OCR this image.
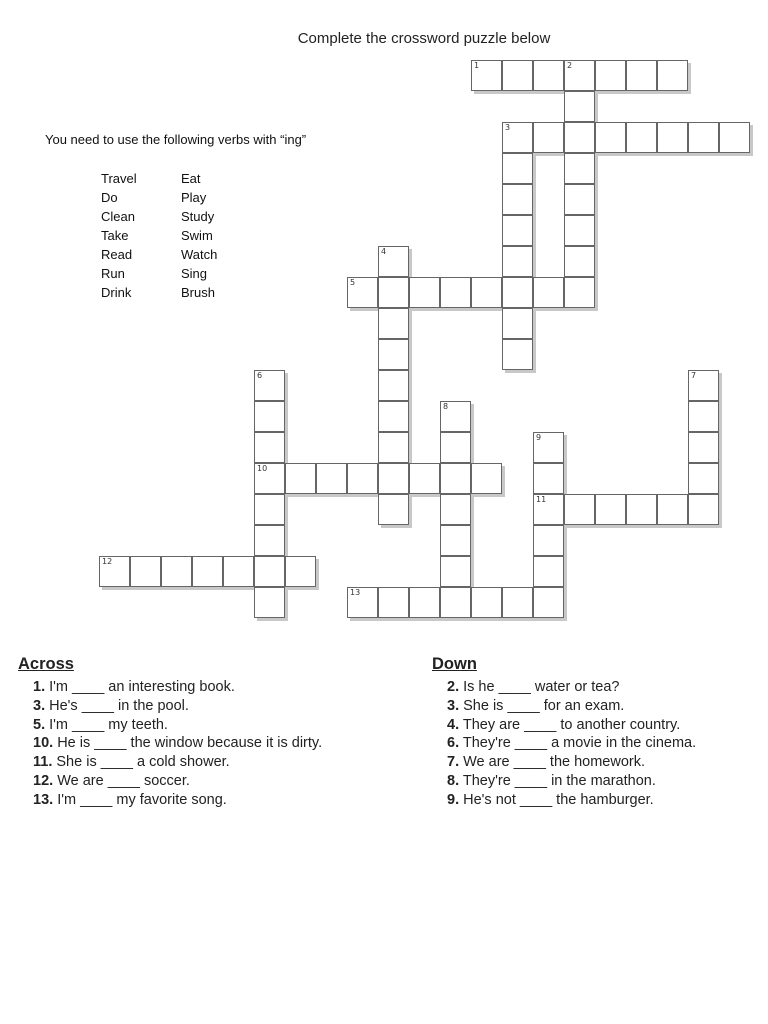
Complete the crossword puzzle below
You need to use the following verbs with “ing”
Travel
Do
Clean
Take
Read
Run
Drink
Eat
Play
Study
Swim
Watch
Sing
Brush
1	2
3
4
5
6
10
7
8
9
11
12
13
Across
1. I'm ____ an interesting book.
3. He's ____ in the pool.
5. I'm ____ my teeth.
10. He is ____ the window because it is dirty.
11. She is ____ a cold shower.
12. We are ____ soccer.
13. I'm ____ my favorite song.
Down
2. Is he ____ water or tea?
3. She is ____ for an exam.
4. They are ____ to another country.
6. They're ____ a movie in the cinema.
7. We are ____ the homework.
8. They're ____ in the marathon.
9. He's not ____ the hamburger.
